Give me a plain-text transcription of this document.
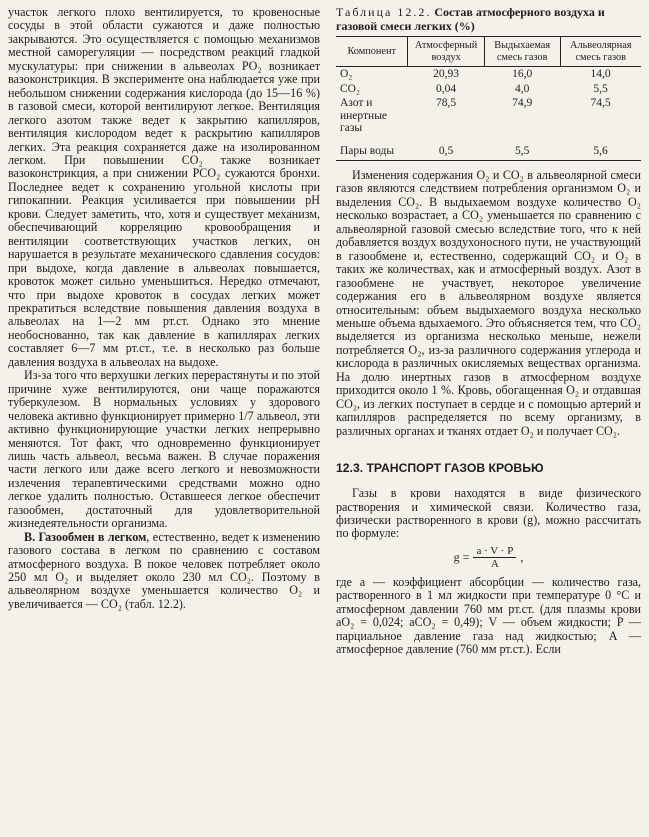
участок легкого плохо вентилируется, то кровеносные сосуды в этой области сужаются и даже полностью закрываются. Это осуществляется с помощью механизмов местной саморегуляции — посредством реакций гладкой мускулатуры: при снижении в альвеолах PO₂ возникает вазоконстрикция. В эксперименте она наблюдается уже при небольшом снижении содержания кислорода (до 15—16 %) в газовой смеси, которой вентилируют легкое. Вентиляция легкого азотом также ведет к закрытию капилляров, вентиляция кислородом ведет к раскрытию капилляров легких. Эта реакция сохраняется даже на изолированном легком. При повышении CO₂ также возникает вазоконстрикция, а при снижении PCO₂ сужаются бронхи. Последнее ведет к сохранению угольной кислоты при гипокапнии. Реакция усиливается при повышении pH крови. Следует заметить, что, хотя и существует механизм, обеспечивающий корреляцию кровообращения и вентиляции соответствующих участков легких, он нарушается в результате механического сдавления сосудов: при выдохе, когда давление в альвеолах повышается, кровоток может сильно уменьшиться. Нередко отмечают, что при выдохе кровоток в сосудах легких может прекратиться вследствие повышения давления воздуха в альвеолах на 1—2 мм рт.ст. Однако это мнение необоснованно, так как давление в капиллярах легких составляет 6—7 мм рт.ст., т.е. в несколько раз больше давления воздуха в альвеолах на выдохе.

Из-за того что верхушки легких перерастянуты и по этой причине хуже вентилируются, они чаще поражаются туберкулезом. В нормальных условиях у здорового человека активно функционирует примерно 1/7 альвеол, эти активно функционирующие участки легких непрерывно меняются. Тот факт, что одновременно функционирует лишь часть альвеол, весьма важен. В случае поражения части легкого или даже всего легкого и невозможности излечения терапевтическими средствами можно одно легкое удалить полностью. Оставшееся легкое обеспечит газообмен, достаточный для удовлетворительной жизнедеятельности организма.

В. Газообмен в легком, естественно, ведет к изменению газового состава в легком по сравнению с составом атмосферного воздуха. В покое человек потребляет около 250 мл O₂ и выделяет около 230 мл CO₂. Поэтому в альвеолярном воздухе уменьшается количество O₂ и увеличивается — CO₂ (табл. 12.2).

Таблица 12.2. Состав атмосферного воздуха и газовой смеси легких (%)
Компонент	Атмосферный воздух	Выдыхаемая смесь газов	Альвеолярная смесь газов
O₂	20,93	16,0	14,0
CO₂	0,04	4,0	5,5
Азот и инертные газы	78,5	74,9	74,5
Пары воды	0,5	5,5	5,6

Изменения содержания O₂ и CO₂ в альвеолярной смеси газов являются следствием потребления организмом O₂ и выделения CO₂. В выдыхаемом воздухе количество O₂ несколько возрастает, а CO₂ уменьшается по сравнению с альвеолярной газовой смесью вследствие того, что к ней добавляется воздух воздухоносного пути, не участвующий в газообмене и, естественно, содержащий CO₂ и O₂ в таких же количествах, как и атмосферный воздух. Азот в газообмене не участвует, некоторое увеличение содержания его в альвеолярном воздухе является относительным: объем выдыхаемого воздуха несколько меньше объема вдыхаемого. Это объясняется тем, что CO₂ выделяется из организма несколько меньше, нежели потребляется O₂, из-за различного содержания углерода и кислорода в различных окисляемых веществах организма. На долю инертных газов в атмосферном воздухе приходится около 1 %. Кровь, обогащенная O₂ и отдавшая CO₂, из легких поступает в сердце и с помощью артерий и капилляров распределяется по всему организму, в различных органах и тканях отдает O₂ и получает CO₂.

12.3. ТРАНСПОРТ ГАЗОВ КРОВЬЮ

Газы в крови находятся в виде физического растворения и химической связи. Количество газа, физически растворенного в крови (g), можно рассчитать по формуле:

$g = \frac{a \cdot V \cdot P}{A}$ ,

где a — коэффициент абсорбции — количество газа, растворенного в 1 мл жидкости при температуре 0 °С и атмосферном давлении 760 мм рт.ст. (для плазмы крови aO₂ = 0,024; aCO₂ = 0,49); V — объем жидкости; P — парциальное давление газа над жидкостью; A — атмосферное давление (760 мм рт.ст.). Если
